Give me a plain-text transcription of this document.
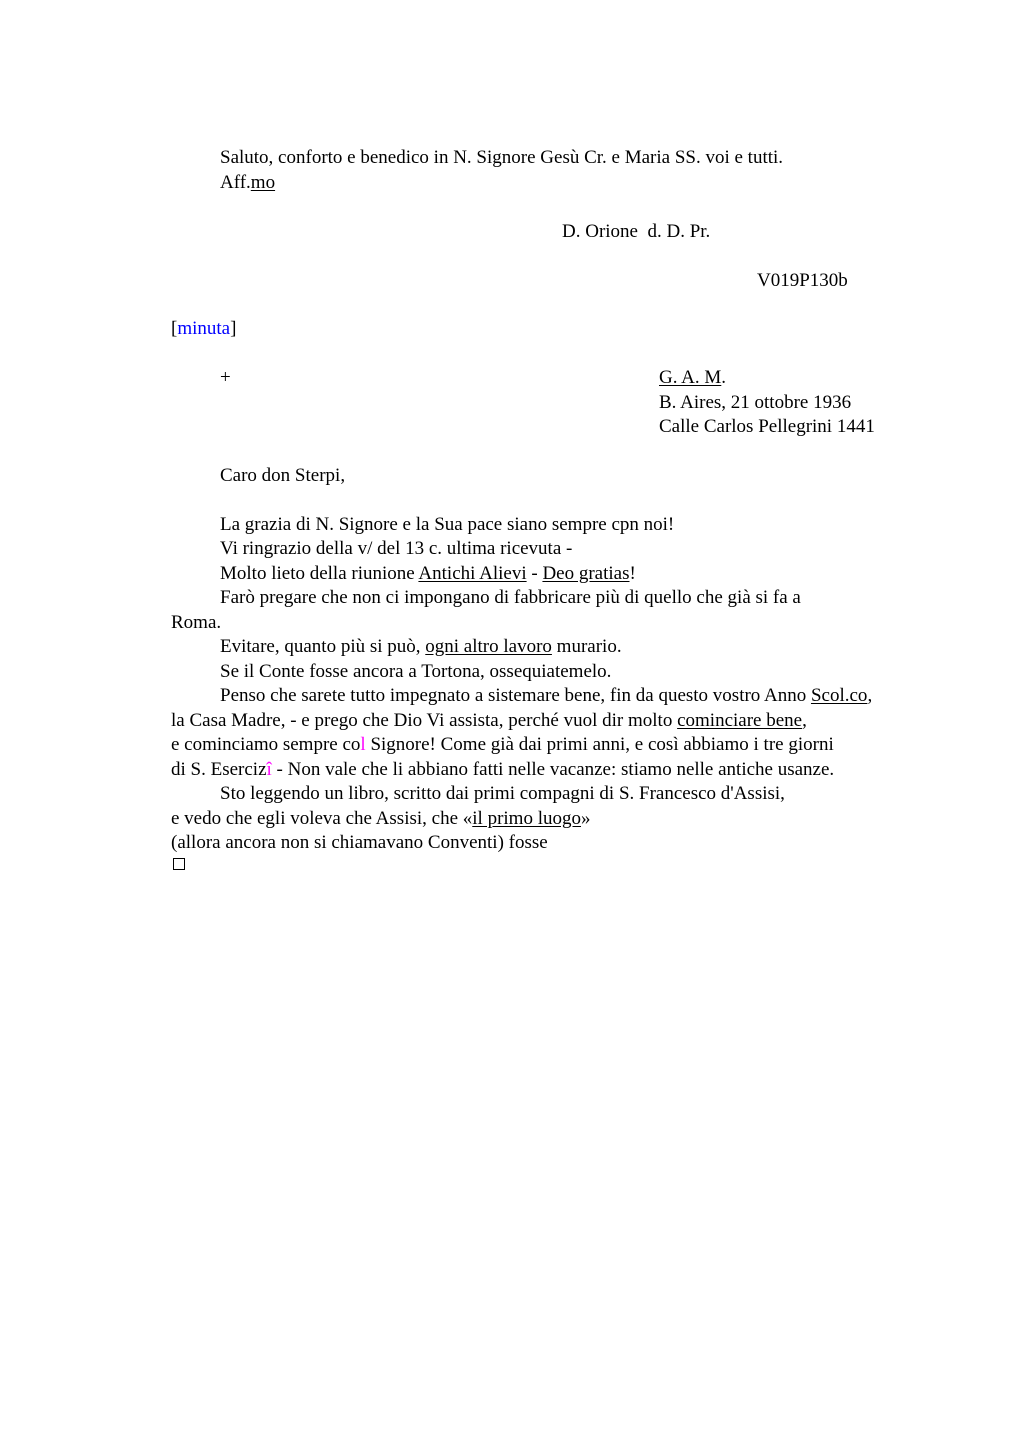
Saluto, conforto e benedico in N. Signore Gesù Cr. e Maria SS. voi e tutti.
Aff.mo
D. Orione  d. D. Pr.
V019P130b
[minuta]
+	G. A. M.
B. Aires, 21 ottobre 1936
Calle Carlos Pellegrini 1441
Caro don Sterpi,
La grazia di N. Signore e la Sua pace siano sempre cpn noi!
Vi ringrazio della v/ del 13 c. ultima ricevuta -
Molto lieto della riunione Antichi Alievi - Deo gratias!
Farò pregare che non ci impongano di fabbricare più di quello che già si fa a
Roma.
Evitare, quanto più si può, ogni altro lavoro murario.
Se il Conte fosse ancora a Tortona, ossequiatemelo.
Penso che sarete tutto impegnato a sistemare bene, fin da questo vostro Anno Scol.co,
la Casa Madre, - e prego che Dio Vi assista, perché vuol dir molto cominciare bene,
e cominciamo sempre col Signore! Come già dai primi anni, e così abbiamo i tre giorni
di S. Esercizî - Non vale che li abbiano fatti nelle vacanze: stiamo nelle antiche usanze.
Sto leggendo un libro, scritto dai primi compagni di S. Francesco d'Assisi,
e vedo che egli voleva che Assisi, che «il primo luogo»
(allora ancora non si chiamavano Conventi) fosse
